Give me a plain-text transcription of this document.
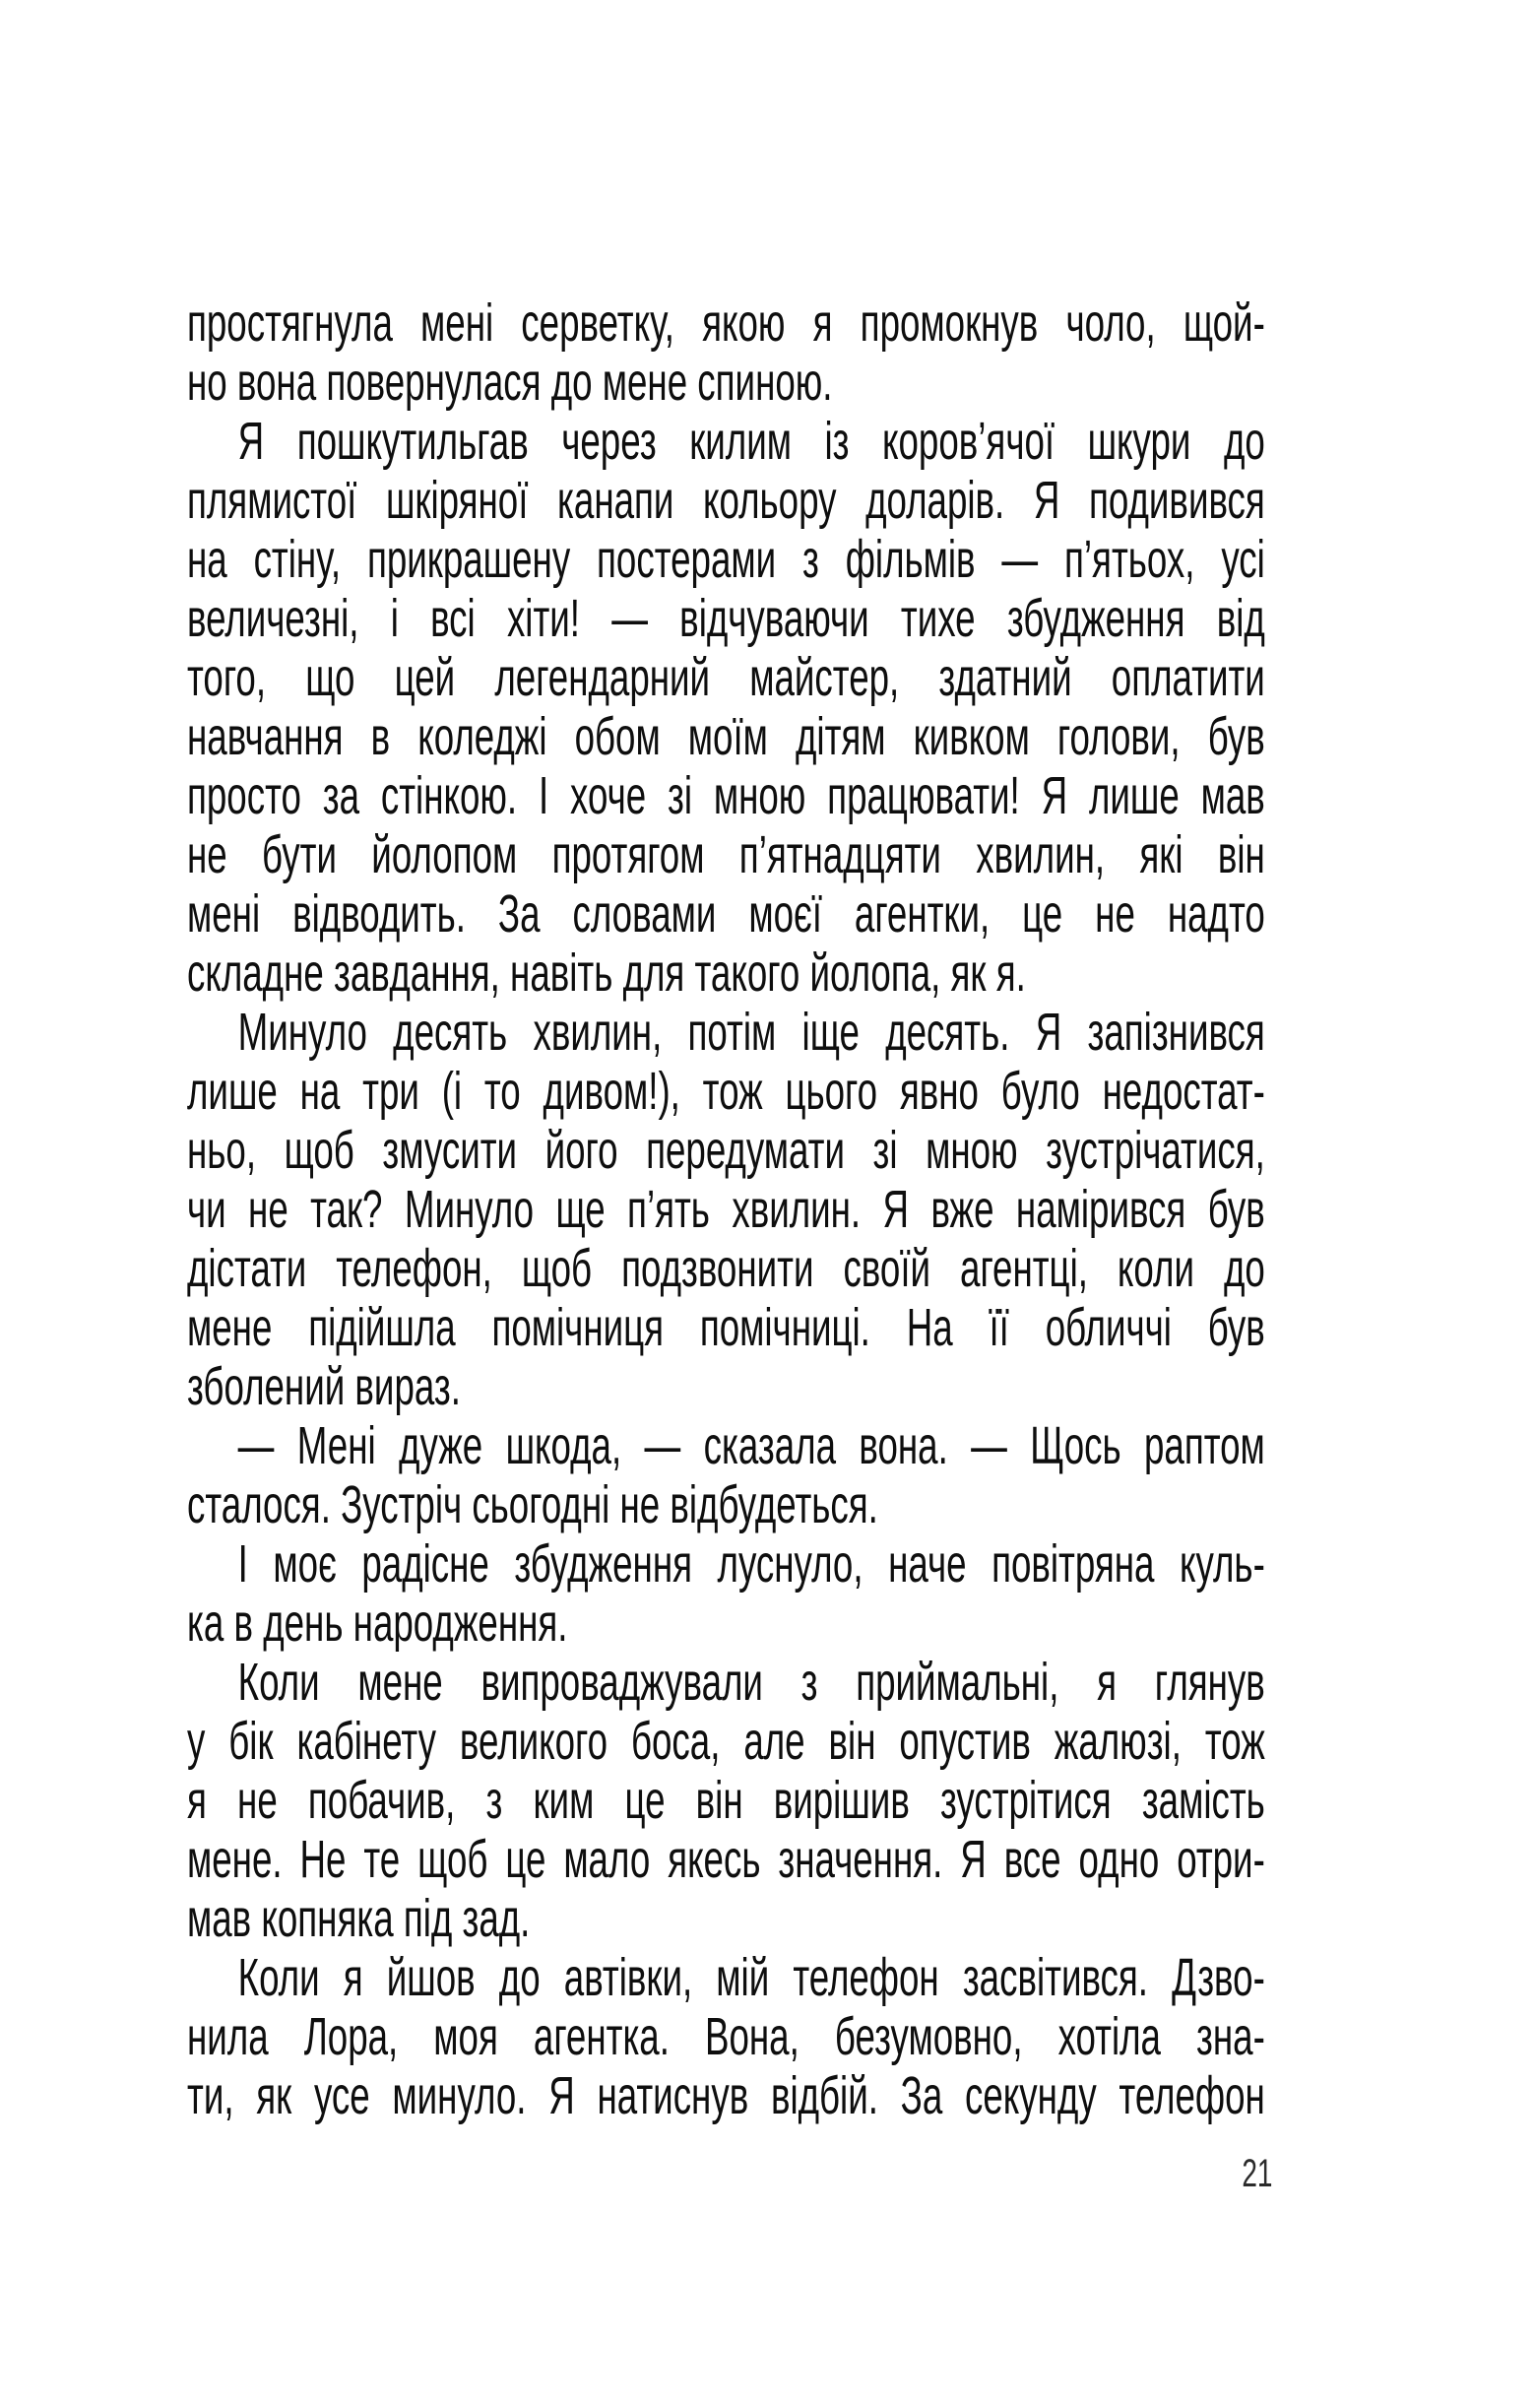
простягнула мені серветку, якою я промокнув чоло, щой-
но вона повернулася до мене спиною.
Я пошкутильгав через килим із коров’ячої шкури до
плямистої шкіряної канапи кольору доларів. Я подивився
на стіну, прикрашену постерами з фільмів — п’ятьох, усі
величезні, і всі хіти! — відчуваючи тихе збудження від
того, що цей легендарний майстер, здатний оплатити
навчання в коледжі обом моїм дітям кивком голови, був
просто за стінкою. І хоче зі мною працювати! Я лише мав
не бути йолопом протягом п’ятнадцяти хвилин, які він
мені відводить. За словами моєї агентки, це не надто
складне завдання, навіть для такого йолопа, як я.
Минуло десять хвилин, потім іще десять. Я запізнився
лише на три (і то дивом!), тож цього явно було недостат-
ньо, щоб змусити його передумати зі мною зустрічатися,
чи не так? Минуло ще п’ять хвилин. Я вже намірився був
дістати телефон, щоб подзвонити своїй агентці, коли до
мене підійшла помічниця помічниці. На її обличчі був
зболений вираз.
— Мені дуже шкода, — сказала вона. — Щось раптом
сталося. Зустріч сьогодні не відбудеться.
І моє радісне збудження луснуло, наче повітряна куль-
ка в день народження.
Коли мене випроваджували з приймальні, я глянув
у бік кабінету великого боса, але він опустив жалюзі, тож
я не побачив, з ким це він вирішив зустрітися замість
мене. Не те щоб це мало якесь значення. Я все одно отри-
мав копняка під зад.
Коли я йшов до автівки, мій телефон засвітився. Дзво-
нила Лора, моя агентка. Вона, безумовно, хотіла зна-
ти, як усе минуло. Я натиснув відбій. За секунду телефон
21
